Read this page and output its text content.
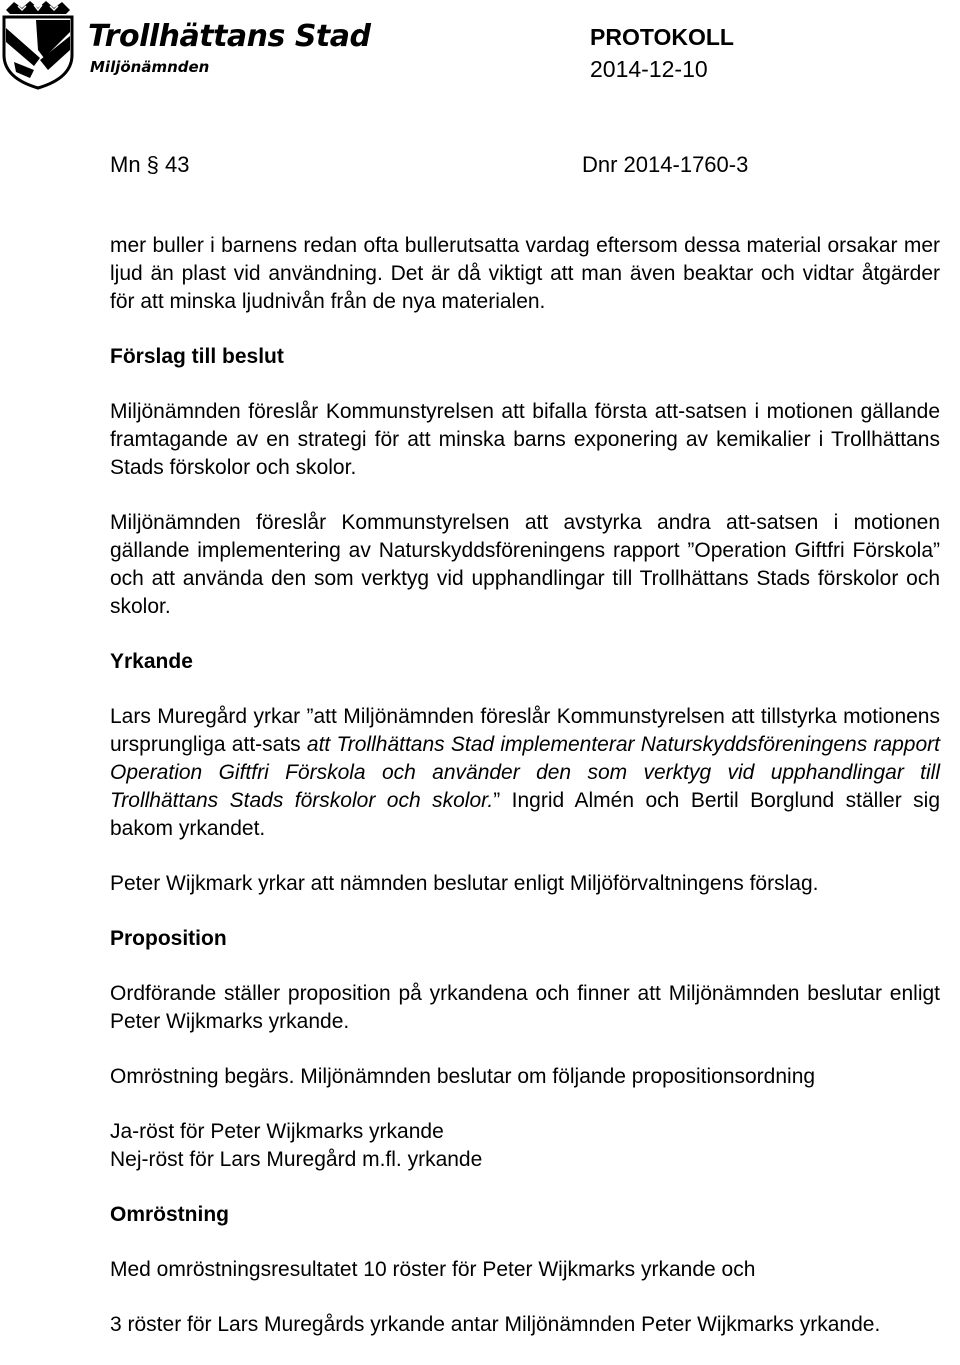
Trollhättans Stad
Miljönämnden
PROTOKOLL
2014-12-10
Mn § 43	Dnr 2014-1760-3

mer buller i barnens redan ofta bullerutsatta vardag eftersom dessa material orsakar mer ljud än plast vid användning. Det är då viktigt att man även beaktar och vidtar åtgärder för att minska ljudnivån från de nya materialen.

Förslag till beslut

Miljönämnden föreslår Kommunstyrelsen att bifalla första att-satsen i motionen gällande framtagande av en strategi för att minska barns exponering av kemikalier i Trollhättans Stads förskolor och skolor.

Miljönämnden föreslår Kommunstyrelsen att avstyrka andra att-satsen i motionen gällande implementering av Naturskyddsföreningens rapport ”Operation Giftfri Förskola” och att använda den som verktyg vid upphandlingar till Trollhättans Stads förskolor och skolor.

Yrkande

Lars Muregård yrkar ”att Miljönämnden föreslår Kommunstyrelsen att tillstyrka motionens ursprungliga att-sats att Trollhättans Stad implementerar Naturskyddsföreningens rapport Operation Giftfri Förskola och använder den som verktyg vid upphandlingar till Trollhättans Stads förskolor och skolor.” Ingrid Almén och Bertil Borglund ställer sig bakom yrkandet.

Peter Wijkmark yrkar att nämnden beslutar enligt Miljöförvaltningens förslag.

Proposition

Ordförande ställer proposition på yrkandena och finner att Miljönämnden beslutar enligt Peter Wijkmarks yrkande.

Omröstning begärs. Miljönämnden beslutar om följande propositionsordning

Ja-röst för Peter Wijkmarks yrkande

Nej-röst för Lars Muregård m.fl. yrkande

Omröstning

Med omröstningsresultatet 10 röster för Peter Wijkmarks yrkande och

3 röster för Lars Muregårds yrkande antar Miljönämnden Peter Wijkmarks yrkande.
